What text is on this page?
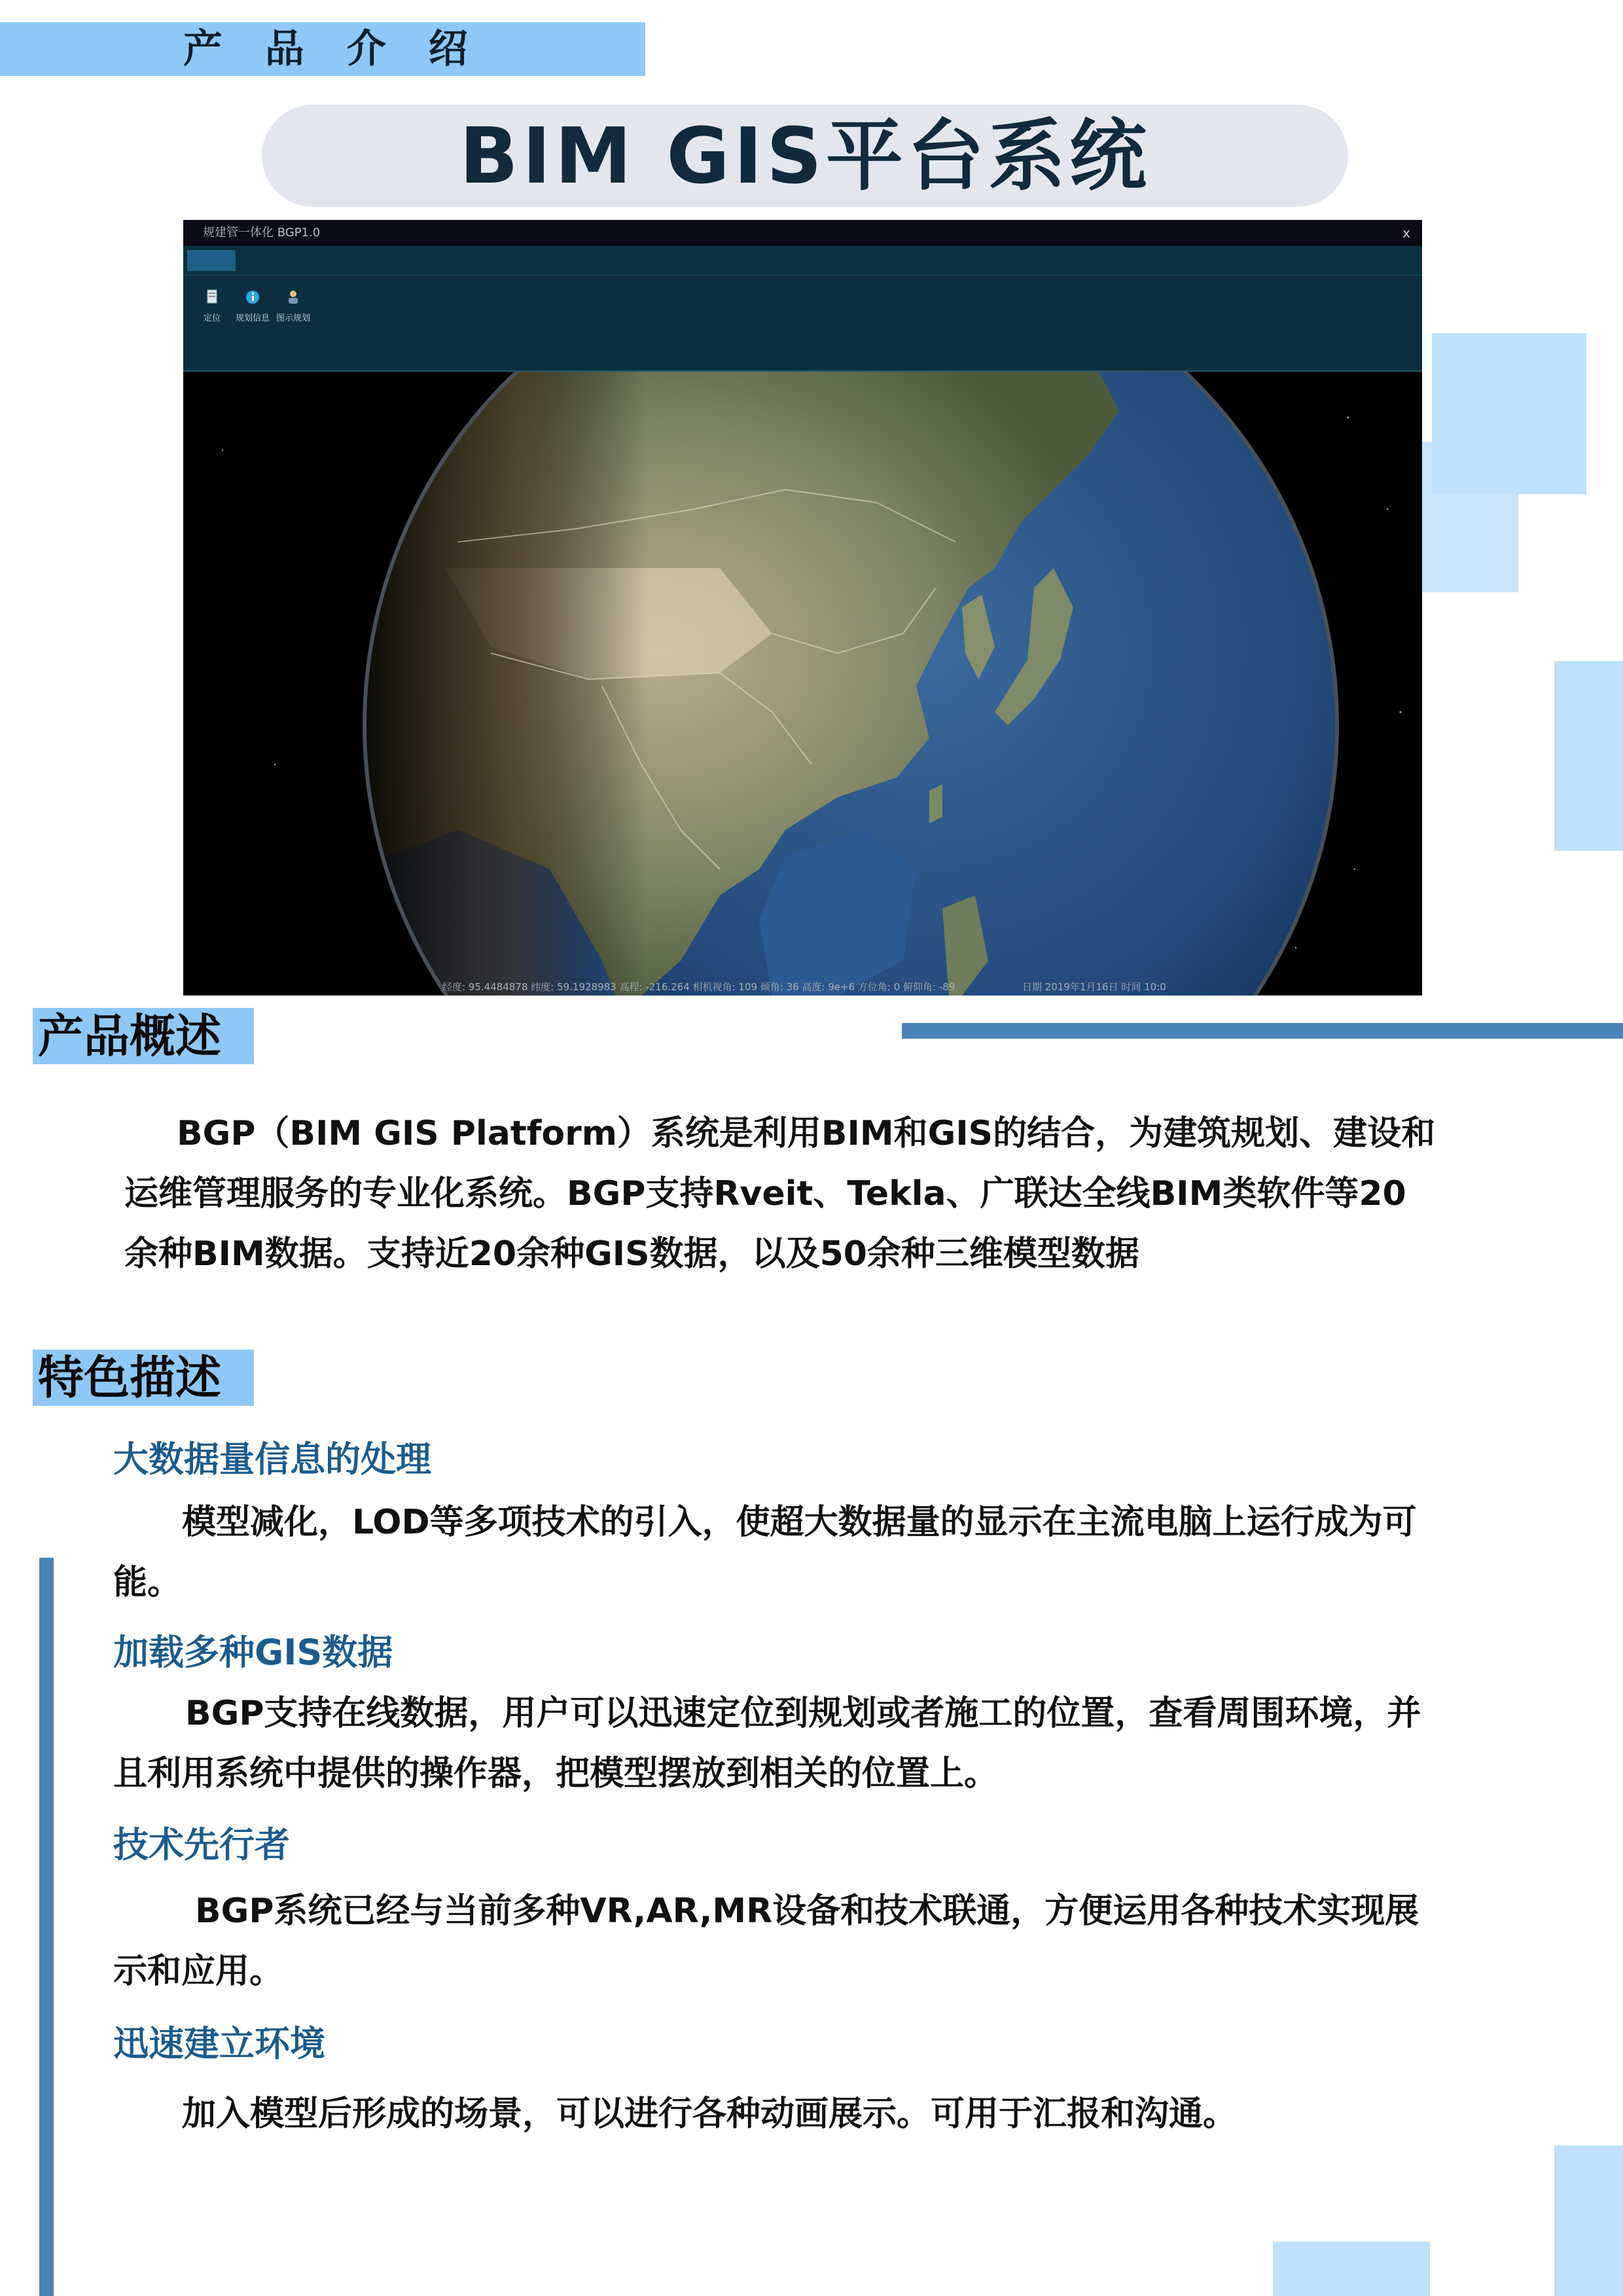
产 品 介 绍
BIM GIS平台系统
规建管一体化 BGP1.0	x
定位	规划信息 图示规划
经度: 95.4484878 纬度: 59.1928983 高程: -216.264 相机视角: 109 倾角: 36 高度: 9e+6 方位角: 0 俯仰角: -89	日期 2019年1月16日 时间 10:0
产品概述
BGP（BIM GIS Platform）系统是利用BIM和GIS的结合，为建筑规划、建设和运维管理服务的专业化系统。BGP支持Rveit、Tekla、广联达全线BIM类软件等20余种BIM数据。支持近20余种GIS数据，以及50余种三维模型数据
特色描述
大数据量信息的处理
模型减化，LOD等多项技术的引入，使超大数据量的显示在主流电脑上运行成为可能。
加载多种GIS数据
BGP支持在线数据，用户可以迅速定位到规划或者施工的位置，查看周围环境，并且利用系统中提供的操作器，把模型摆放到相关的位置上。
技术先行者
BGP系统已经与当前多种VR,AR,MR设备和技术联通，方便运用各种技术实现展示和应用。
迅速建立环境
加入模型后形成的场景，可以进行各种动画展示。可用于汇报和沟通。
